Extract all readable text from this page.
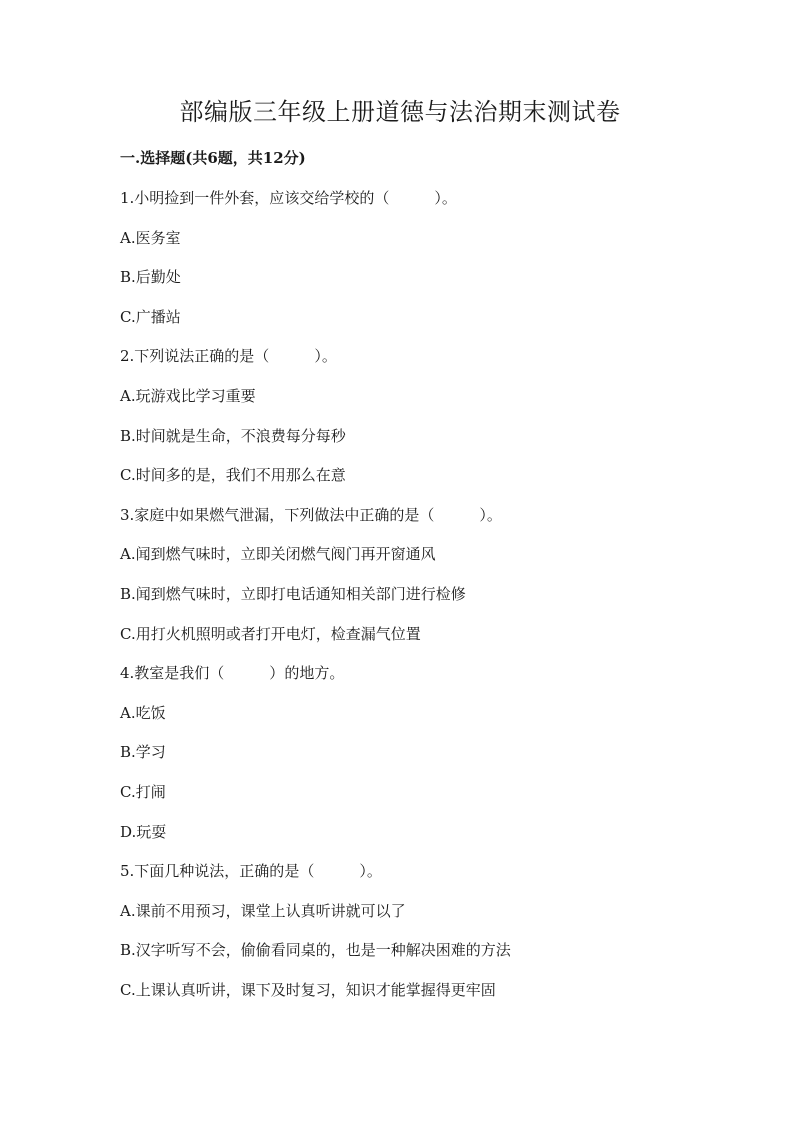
部编版三年级上册道德与法治期末测试卷
一.选择题(共6题，共12分)
1.小明捡到一件外套，应该交给学校的（　　　）。
A.医务室
B.后勤处
C.广播站
2.下列说法正确的是（　　　）。
A.玩游戏比学习重要
B.时间就是生命，不浪费每分每秒
C.时间多的是，我们不用那么在意
3.家庭中如果燃气泄漏，下列做法中正确的是（　　　）。
A.闻到燃气味时，立即关闭燃气阀门再开窗通风
B.闻到燃气味时，立即打电话通知相关部门进行检修
C.用打火机照明或者打开电灯，检查漏气位置
4.教室是我们（　　　）的地方。
A.吃饭
B.学习
C.打闹
D.玩耍
5.下面几种说法，正确的是（　　　）。
A.课前不用预习，课堂上认真听讲就可以了
B.汉字听写不会，偷偷看同桌的，也是一种解决困难的方法
C.上课认真听讲，课下及时复习，知识才能掌握得更牢固
